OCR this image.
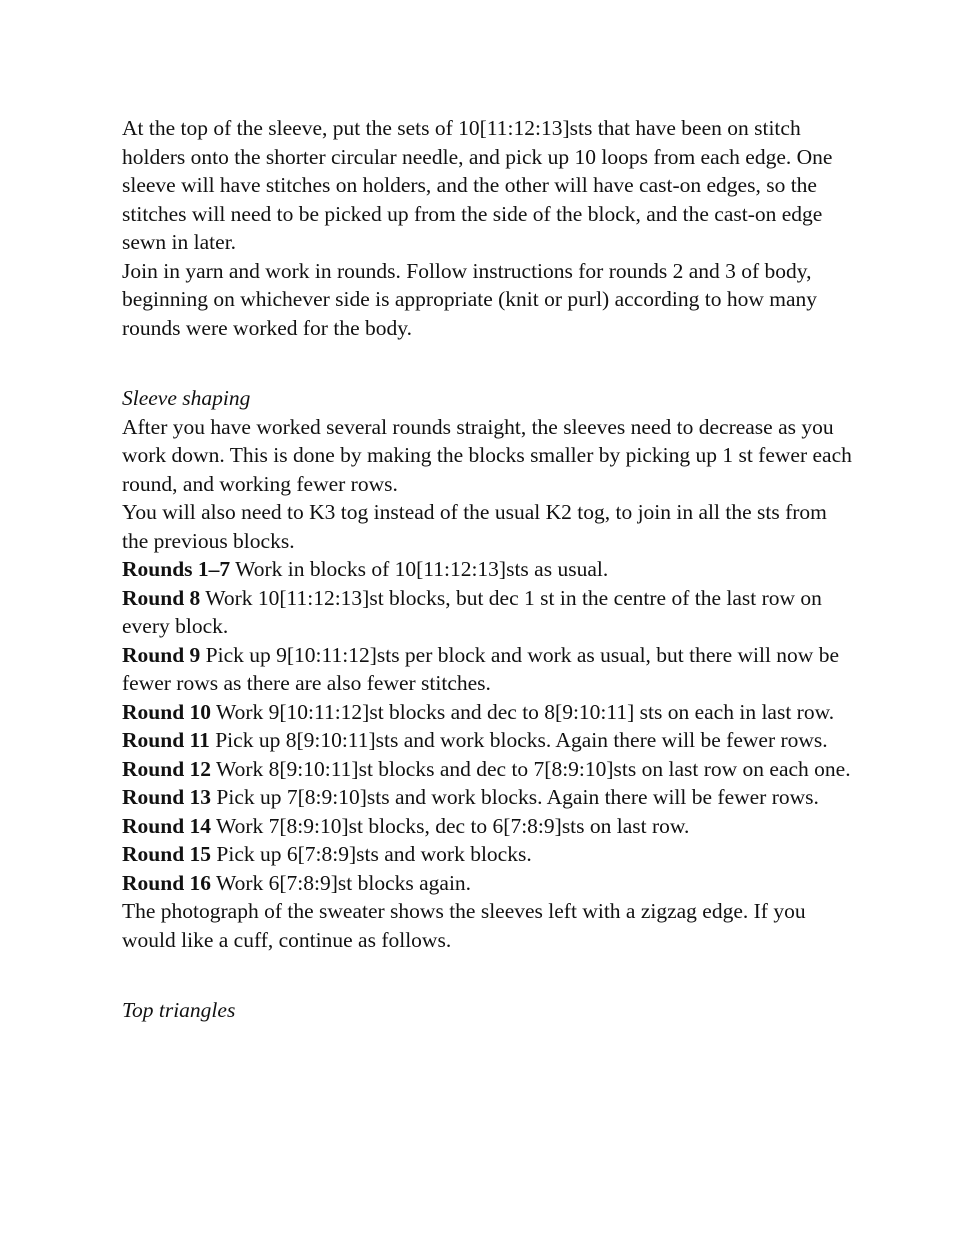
At the top of the sleeve, put the sets of 10[11:12:13]sts that have been on stitch holders onto the shorter circular needle, and pick up 10 loops from each edge. One sleeve will have stitches on holders, and the other will have cast-on edges, so the stitches will need to be picked up from the side of the block, and the cast-on edge sewn in later.

Join in yarn and work in rounds. Follow instructions for rounds 2 and 3 of body, beginning on whichever side is appropriate (knit or purl) according to how many rounds were worked for the body.

Sleeve shaping

After you have worked several rounds straight, the sleeves need to decrease as you work down. This is done by making the blocks smaller by picking up 1 st fewer each round, and working fewer rows.

You will also need to K3 tog instead of the usual K2 tog, to join in all the sts from the previous blocks.

Rounds 1–7 Work in blocks of 10[11:12:13]sts as usual.

Round 8 Work 10[11:12:13]st blocks, but dec 1 st in the centre of the last row on every block.

Round 9 Pick up 9[10:11:12]sts per block and work as usual, but there will now be fewer rows as there are also fewer stitches.

Round 10 Work 9[10:11:12]st blocks and dec to 8[9:10:11] sts on each in last row.

Round 11 Pick up 8[9:10:11]sts and work blocks. Again there will be fewer rows.

Round 12 Work 8[9:10:11]st blocks and dec to 7[8:9:10]sts on last row on each one.

Round 13 Pick up 7[8:9:10]sts and work blocks. Again there will be fewer rows.

Round 14 Work 7[8:9:10]st blocks, dec to 6[7:8:9]sts on last row.

Round 15 Pick up 6[7:8:9]sts and work blocks.

Round 16 Work 6[7:8:9]st blocks again.

The photograph of the sweater shows the sleeves left with a zigzag edge. If you would like a cuff, continue as follows.

Top triangles
